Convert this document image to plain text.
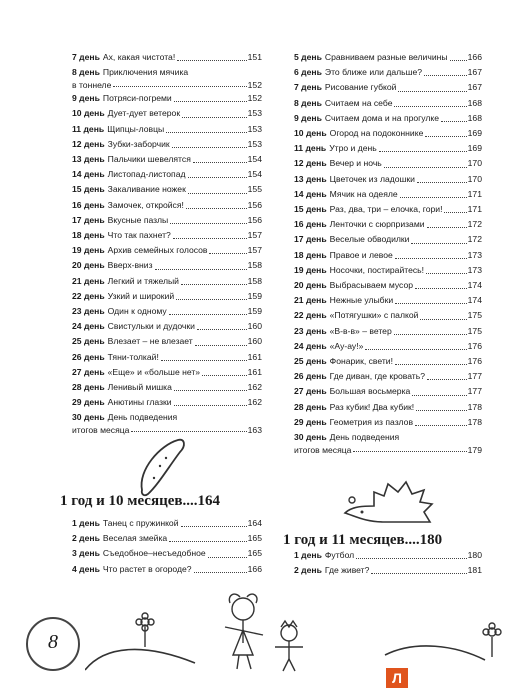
7 день Ах, какая чистота!	151
8 день Приключения мячика
в тоннеле	152
9 день Потряси-погреми	152
10 день Дует-дует ветерок	153
11 день Щипцы-ловцы	153
12 день Зубки-заборчик	153
13 день Пальчики шевелятся	154
14 день Листопад-листопад	154
15 день Закаливание ножек	155
16 день Замочек, откройся!	156
17 день Вкусные пазлы	156
18 день Что так пахнет?	157
19 день Архив семейных голосов	157
20 день Вверх-вниз	158
21 день Легкий и тяжелый	158
22 день Узкий и широкий	159
23 день Один к одному	159
24 день Свистульки и дудочки	160
25 день Влезает – не влезает	160
26 день Тяни-толкай!	161
27 день «Еще» и «больше нет»	161
28 день Ленивый мишка	162
29 день Анютины глазки	162
30 день День подведения
итогов месяца	163
5 день Сравниваем разные величины 166
6 день Это ближе или дальше?	167
7 день Рисование губкой	167
8 день Считаем на себе	168
9 день Считаем дома и на прогулке	168
10 день Огород на подоконнике	169
11 день Утро и день	169
12 день Вечер и ночь	170
13 день Цветочек из ладошки	170
14 день Мячик на одеяле	171
15 день Раз, два, три – елочка, гори!	171
16 день Ленточки с сюрпризами	172
17 день Веселые обводилки	172
18 день Правое и левое	173
19 день Носочки, постирайтесь!	173
20 день Выбрасываем мусор	174
21 день Нежные улыбки	174
22 день «Потягушки» с палкой	175
23 день «В-в-в» – ветер	175
24 день «Ау-ау!»	176
25 день Фонарик, свети!	176
26 день Где диван, где кровать?	177
27 день Большая восьмерка	177
28 день Раз кубик! Два кубик!	178
29 день Геометрия из пазлов	178
30 день День подведения
итогов месяца	179
1 год и 10 месяцев....164
1 день Танец с пружинкой	164
2 день Веселая змейка	165
3 день Съедобное–несъедобное	165
4 день Что растет в огороде?	166
1 год и 11 месяцев....180
1 день Футбол	180
2 день Где живет?	181
8
Л
